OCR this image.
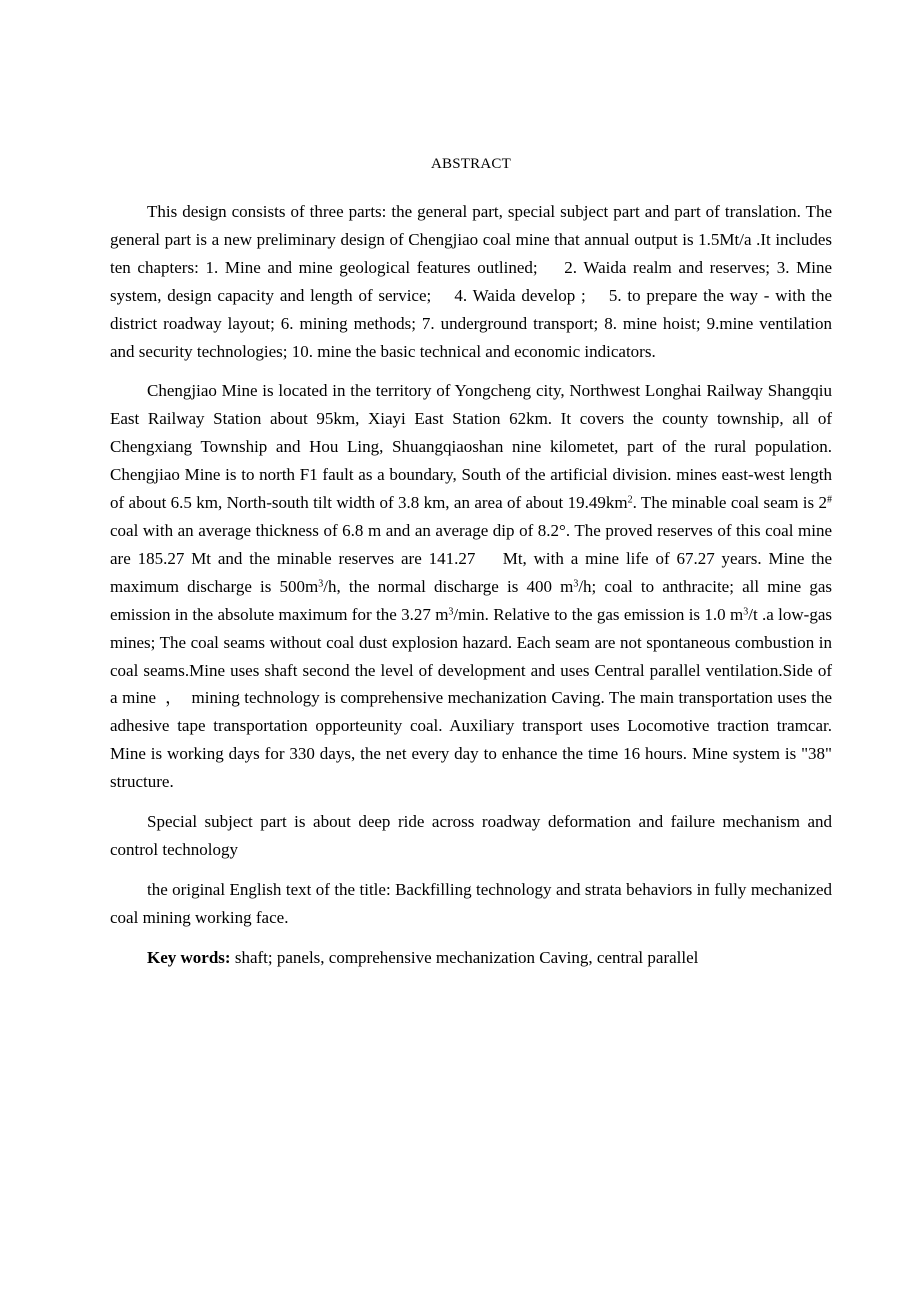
ABSTRACT

This design consists of three parts: the general part, special subject part and part of translation. The general part is a new preliminary design of Chengjiao coal mine that annual output is 1.5Mt/a .It includes ten chapters: 1. Mine and mine geological features outlined;    2. Waida realm and reserves; 3. Mine system, design capacity and length of service;    4. Waida develop ;    5. to prepare the way - with the district roadway layout; 6. mining methods; 7. underground transport; 8. mine hoist; 9.mine ventilation and security technologies; 10. mine the basic technical and economic indicators.

Chengjiao Mine is located in the territory of Yongcheng city, Northwest Longhai Railway Shangqiu East Railway Station about 95km, Xiayi East Station 62km. It covers the county township, all of Chengxiang Township and Hou Ling, Shuangqiaoshan nine kilometet, part of the rural population. Chengjiao Mine is to north F1 fault as a boundary, South of the artificial division. mines east-west length of about 6.5 km, North-south tilt width of 3.8 km, an area of about $19.49km^2$. The minable coal seam is 2# coal with an average thickness of 6.8 m and an average dip of 8.2°. The proved reserves of this coal mine are 185.27 Mt and the minable reserves are 141.27    Mt, with a mine life of 67.27 years. Mine the maximum discharge is $500m^3/h$, the normal discharge is 400 $m^3/h$; coal to anthracite; all mine gas emission in the absolute maximum for the 3.27 $m^3/\min$. Relative to the gas emission is 1.0 $m^3/t$ .a low-gas mines; The coal seams without coal dust explosion hazard. Each seam are not spontaneous combustion in coal seams.Mine uses shaft second the level of development and uses Central parallel ventilation.Side of a mine  ，  mining technology is comprehensive mechanization Caving. The main transportation uses the adhesive tape transportation opporteunity coal. Auxiliary transport uses Locomotive traction tramcar. Mine is working days for 330 days, the net every day to enhance the time 16 hours. Mine system is "38" structure.

Special subject part is about deep ride across roadway deformation and failure mechanism and control technology

the original English text of the title: Backfilling technology and strata behaviors in fully mechanized coal mining working face.

Key words: shaft; panels, comprehensive mechanization Caving, central parallel
